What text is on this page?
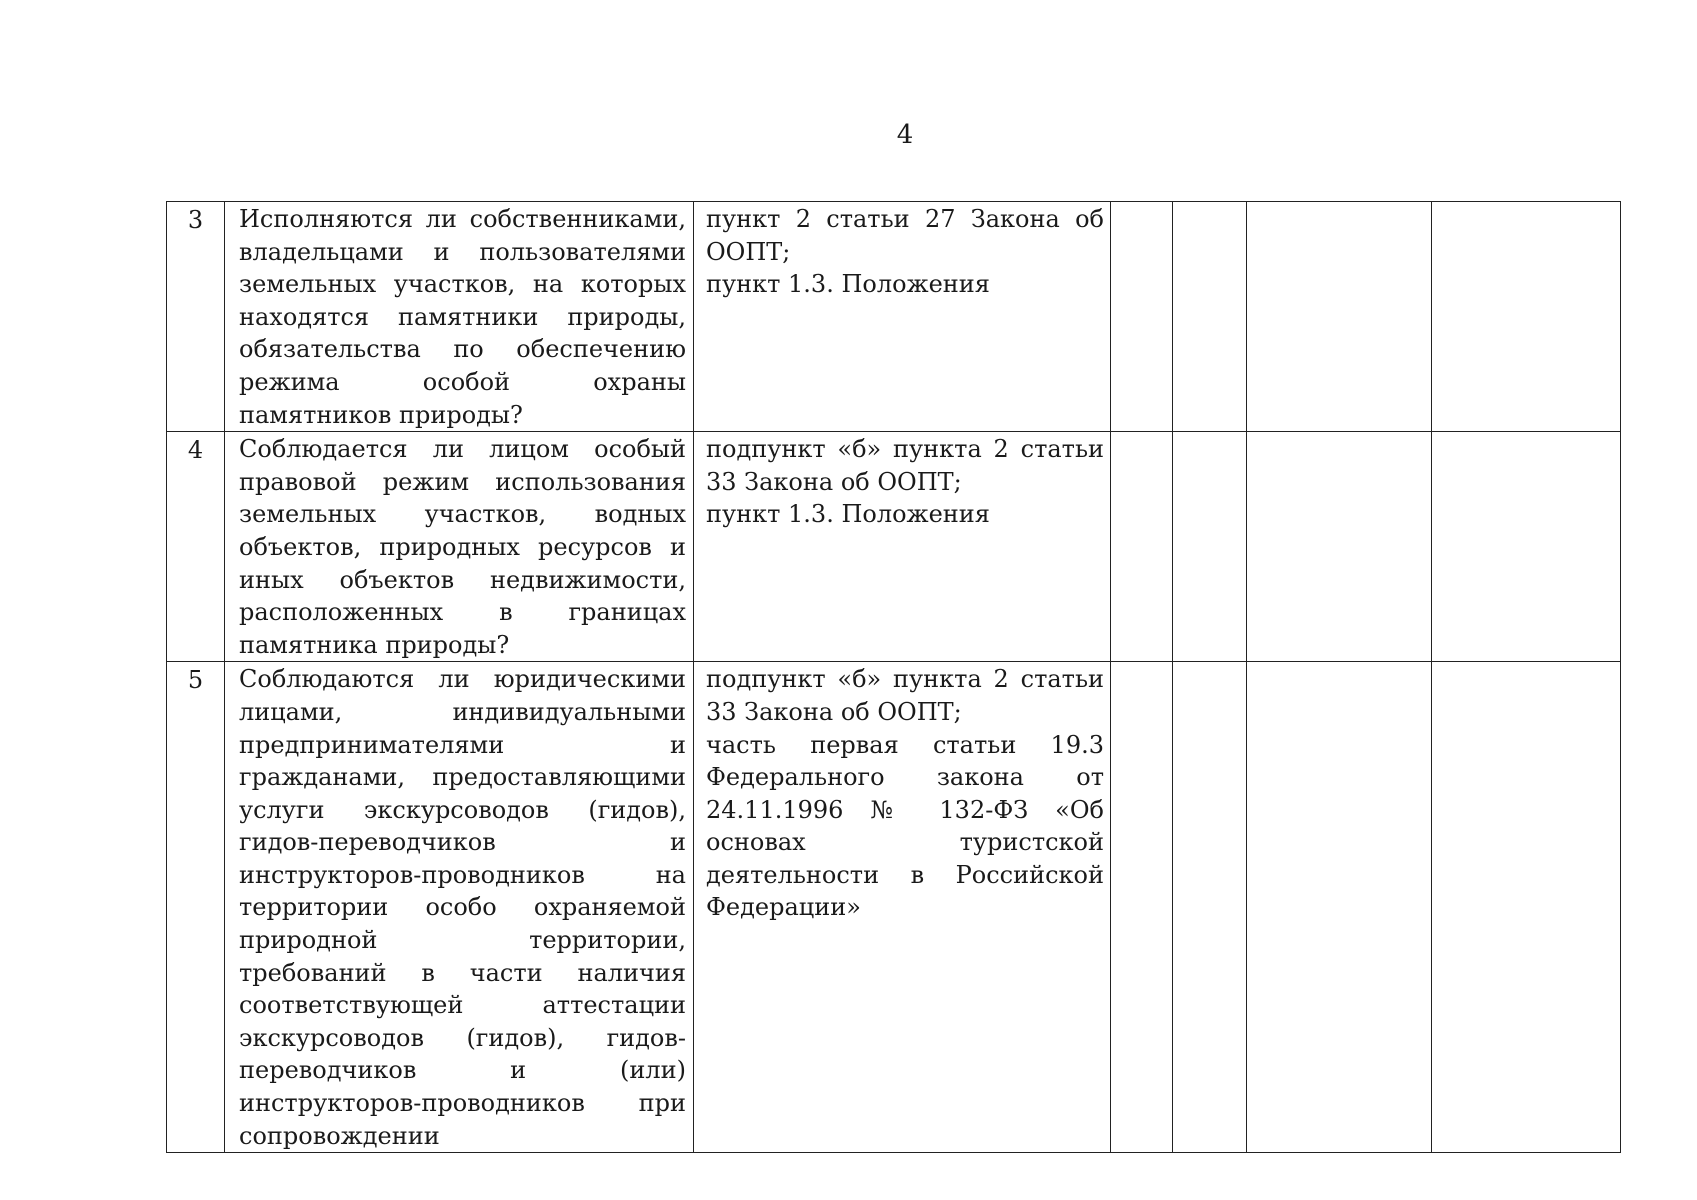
4
3	Исполняются ли собственниками, владельцами и пользователями земельных участков, на которых находятся памятники природы, обязательства по обеспечению режима особой охраны памятников природы?	пункт 2 статьи 27 Закона об ООПТ;
пункт 1.3. Положения				

4	Соблюдается ли лицом особый правовой режим использования земельных участков, водных объектов, природных ресурсов и иных объектов недвижимости, расположенных в границах памятника природы?	подпункт «б» пункта 2 статьи 33 Закона об ООПТ;
пункт 1.3. Положения				

5	Соблюдаются ли юридическими лицами, индивидуальными предпринимателями и гражданами, предоставляющими услуги экскурсоводов (гидов), гидов-переводчиков и инструкторов-проводников на территории особо охраняемой природной территории, требований в части наличия соответствующей аттестации экскурсоводов (гидов), гидов-переводчиков и (или) инструкторов-проводников при сопровождении	подпункт «б» пункта 2 статьи 33 Закона об ООПТ;
часть первая статьи 19.3 Федерального закона от 24.11.1996 № 132-ФЗ «Об основах туристской деятельности в Российской Федерации»				
